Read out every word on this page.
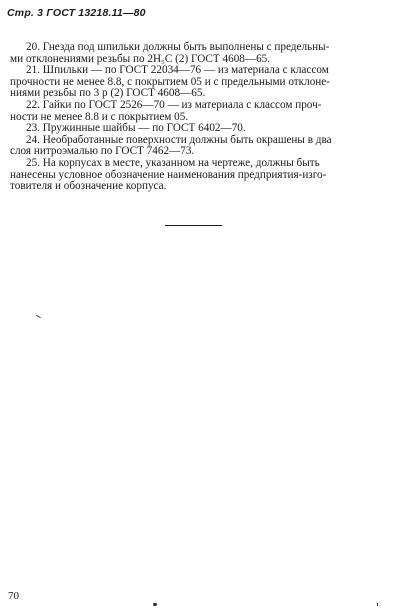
Стр. 3 ГОСТ 13218.11—80

20. Гнезда под шпильки должны быть выполнены с предельны-
ми отклонениями резьбы по 2Н₅С (2) ГОСТ 4608—65.

21. Шпильки — по ГОСТ 22034—76 — из материала с классом
прочности не менее 8.8, с покрытием 05 и с предельными отклоне-
ниями резьбы по 3 p (2) ГОСТ 4608—65.

22. Гайки по ГОСТ 2526—70 — из материала с классом проч-
ности не менее 8.8 и с покрытием 05.

23. Пружинные шайбы — по ГОСТ 6402—70.

24. Необработанные поверхности должны быть окрашены в два
слоя нитроэмалью по ГОСТ 7462—73.

25. На корпусах в месте, указанном на чертеже, должны быть
нанесены условное обозначение наименования предприятия-изго-
товителя и обозначение корпуса.

70
